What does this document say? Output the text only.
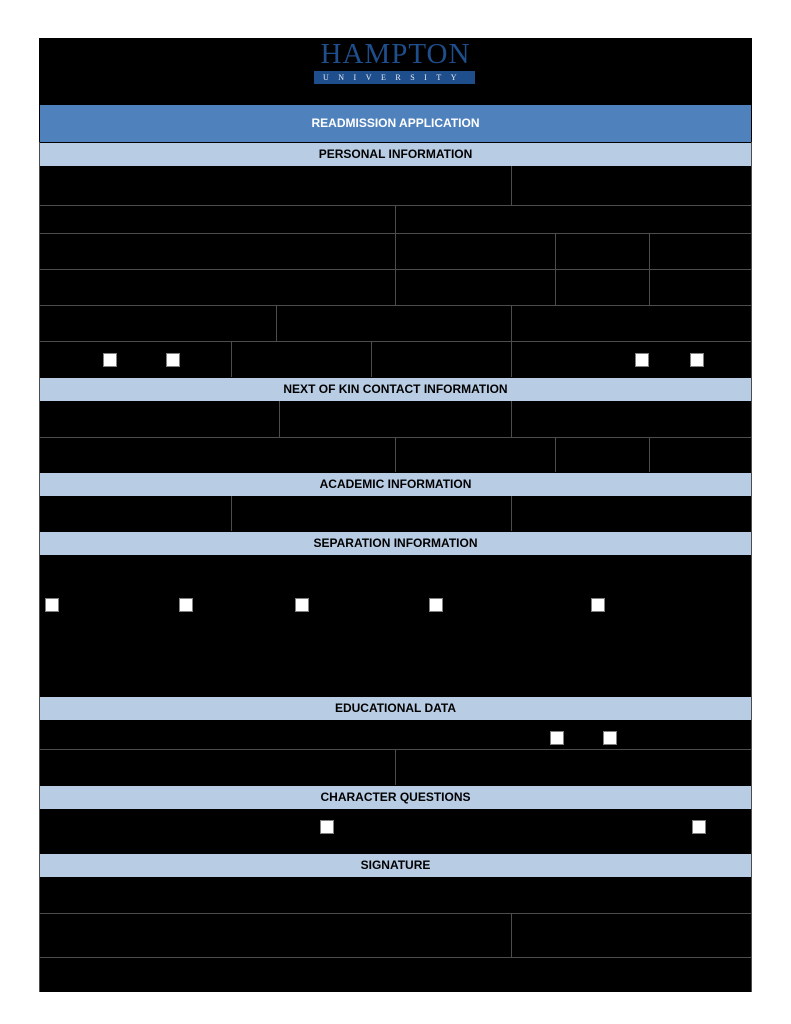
HAMPTON
UNIVERSITY
READMISSION APPLICATION
PERSONAL INFORMATION
NEXT OF KIN CONTACT INFORMATION
ACADEMIC INFORMATION
SEPARATION INFORMATION
EDUCATIONAL DATA
CHARACTER QUESTIONS
SIGNATURE
